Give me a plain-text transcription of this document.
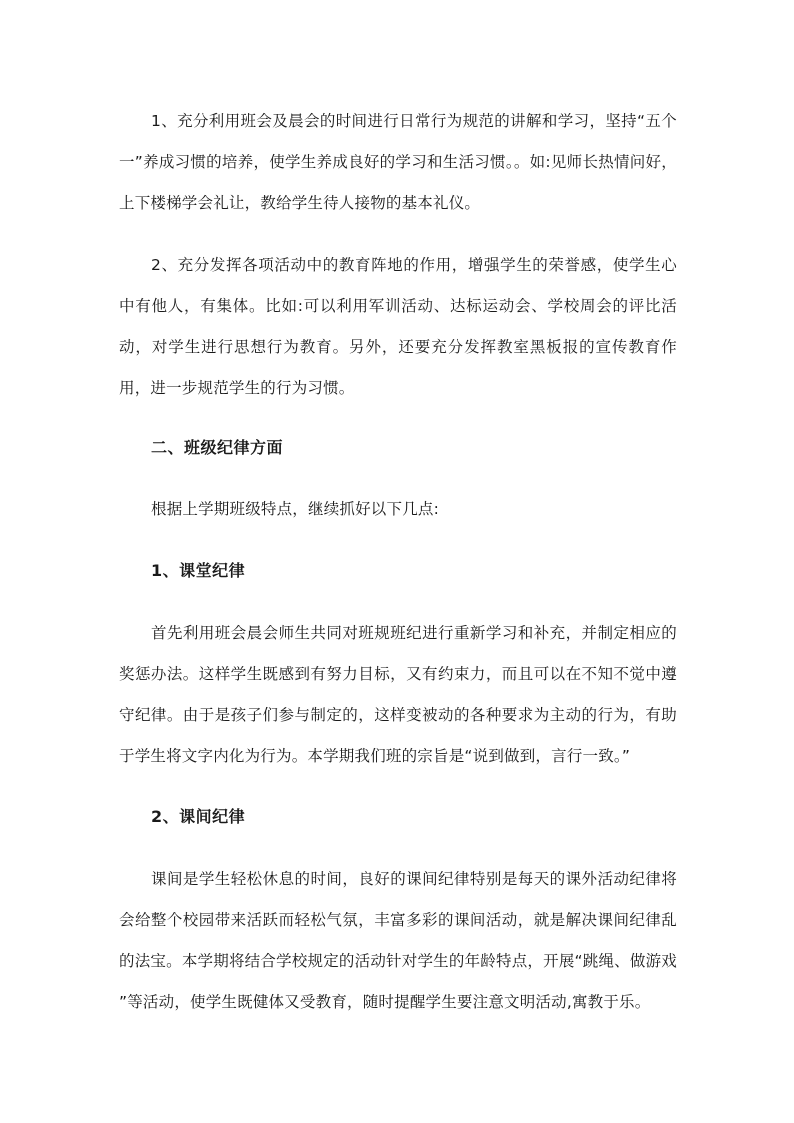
1、充分利用班会及晨会的时间进行日常行为规范的讲解和学习，坚持“五个一”养成习惯的培养，使学生养成良好的学习和生活习惯。。如:见师长热情问好，上下楼梯学会礼让，教给学生待人接物的基本礼仪。

2、充分发挥各项活动中的教育阵地的作用，增强学生的荣誉感，使学生心中有他人，有集体。比如:可以利用军训活动、达标运动会、学校周会的评比活动，对学生进行思想行为教育。另外，还要充分发挥教室黑板报的宣传教育作用，进一步规范学生的行为习惯。

二、班级纪律方面

根据上学期班级特点，继续抓好以下几点:

1、课堂纪律

首先利用班会晨会师生共同对班规班纪进行重新学习和补充，并制定相应的奖惩办法。这样学生既感到有努力目标，又有约束力，而且可以在不知不觉中遵守纪律。由于是孩子们参与制定的，这样变被动的各种要求为主动的行为，有助于学生将文字内化为行为。本学期我们班的宗旨是“说到做到，言行一致。”

2、课间纪律

课间是学生轻松休息的时间，良好的课间纪律特别是每天的课外活动纪律将会给整个校园带来活跃而轻松气氛，丰富多彩的课间活动，就是解决课间纪律乱的法宝。本学期将结合学校规定的活动针对学生的年龄特点，开展“跳绳、做游戏 ”等活动，使学生既健体又受教育，随时提醒学生要注意文明活动,寓教于乐。
